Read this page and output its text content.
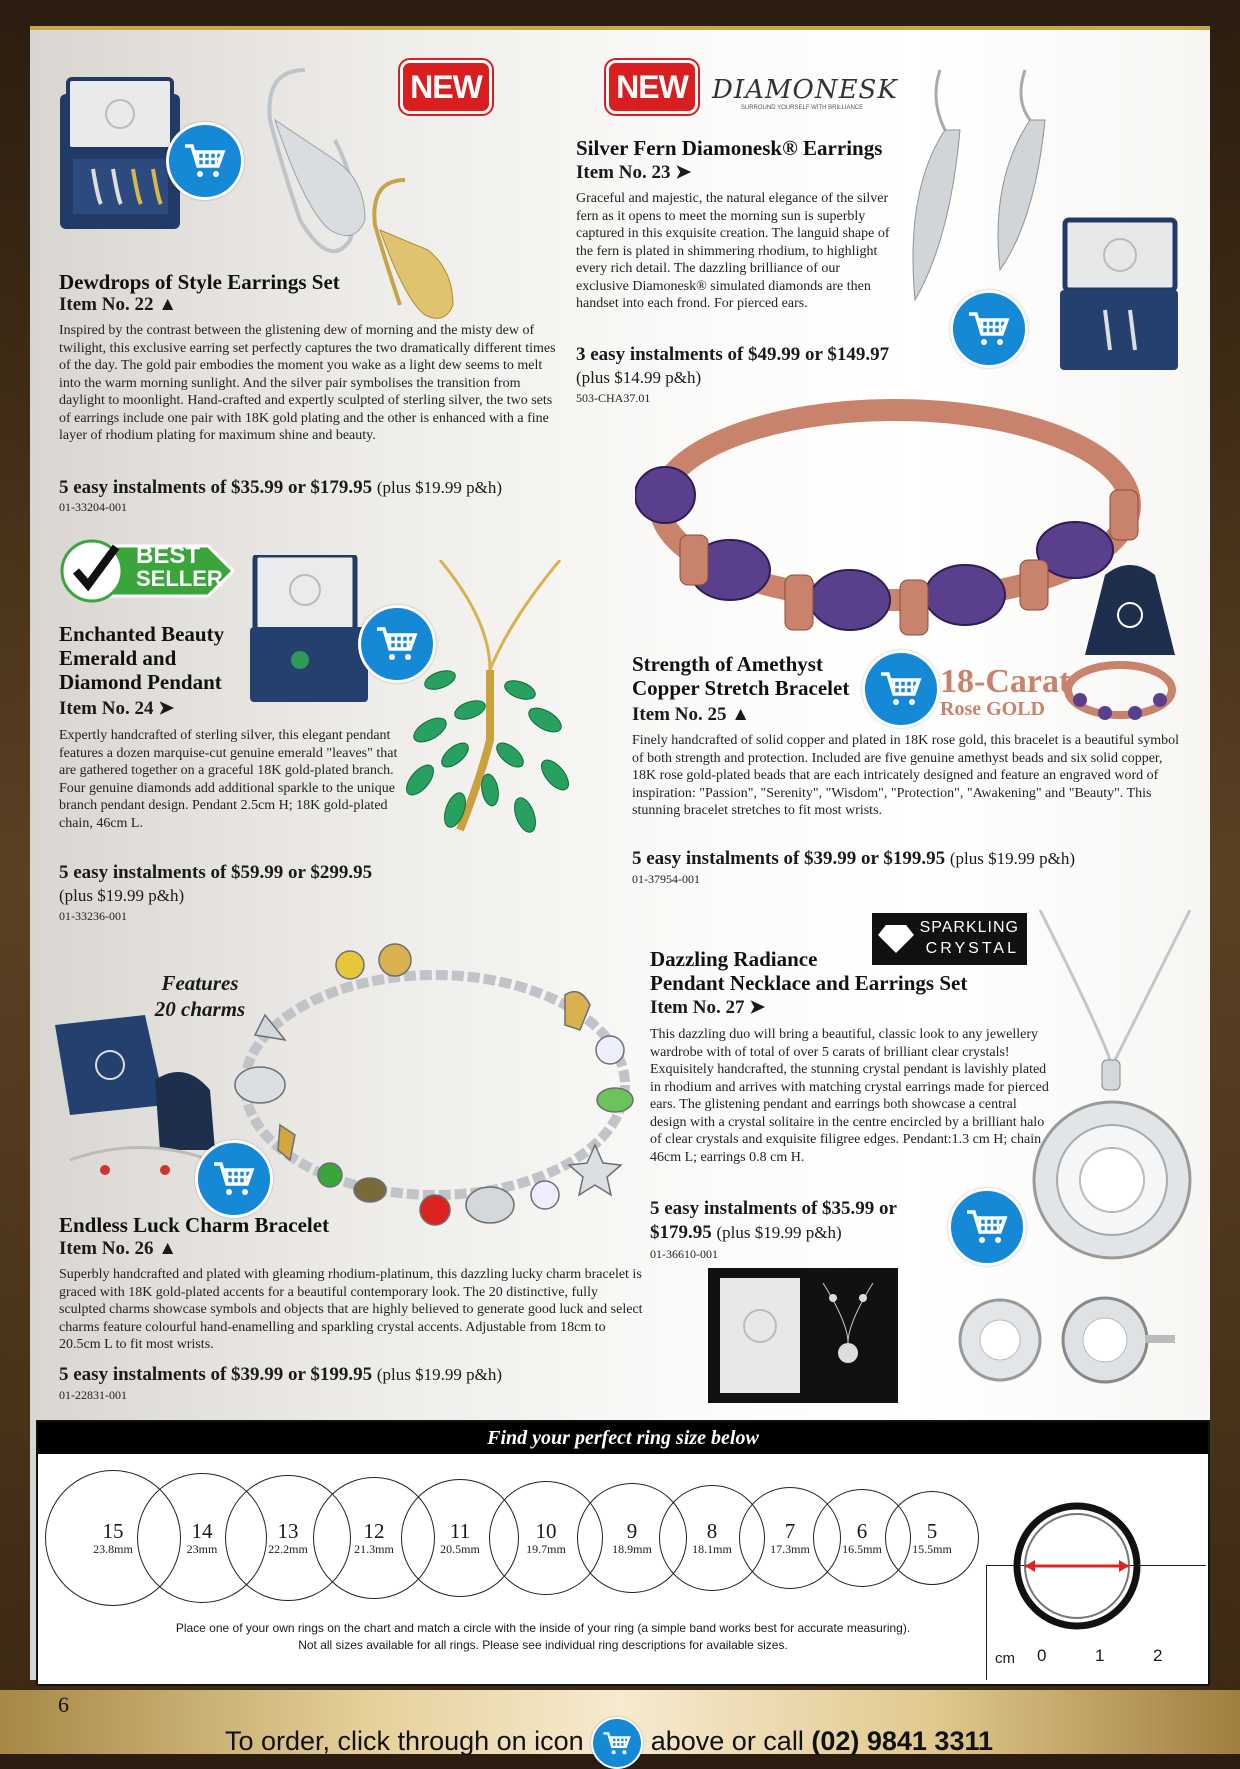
NEW
Dewdrops of Style Earrings Set
Item No. 22 ▲
Inspired by the contrast between the glistening dew of morning and the misty dew of twilight, this exclusive earring set perfectly captures the two dramatically different times of the day. The gold pair embodies the moment you wake as a light dew seems to melt into the warm morning sunlight. And the silver pair symbolises the transition from daylight to moonlight. Hand-crafted and expertly sculpted of sterling silver, the two sets of earrings include one pair with 18K gold plating and the other is enhanced with a fine layer of rhodium plating for maximum shine and beauty.
5 easy instalments of $35.99 or $179.95 (plus $19.99 p&h)
01-33204-001
NEW DIAMONESK
SURROUND YOURSELF WITH BRILLIANCE
Silver Fern Diamonesk® Earrings
Item No. 23 ➤
Graceful and majestic, the natural elegance of the silver fern as it opens to meet the morning sun is superbly captured in this exquisite creation. The languid shape of the fern is plated in shimmering rhodium, to highlight every rich detail. The dazzling brilliance of our exclusive Diamonesk® simulated diamonds are then handset into each frond. For pierced ears.
3 easy instalments of $49.99 or $149.97
(plus $14.99 p&h)
503-CHA37.01
BEST
SELLER
Enchanted Beauty
Emerald and
Diamond Pendant
Item No. 24 ➤
Expertly handcrafted of sterling silver, this elegant pendant features a dozen marquise-cut genuine emerald "leaves" that are gathered together on a graceful 18K gold-plated branch. Four genuine diamonds add additional sparkle to the unique branch pendant design. Pendant 2.5cm H; 18K gold-plated chain, 46cm L.
5 easy instalments of $59.99 or $299.95
(plus $19.99 p&h)
01-33236-001
18-Carat
Rose GOLD
Strength of Amethyst
Copper Stretch Bracelet
Item No. 25 ▲
Finely handcrafted of solid copper and plated in 18K rose gold, this bracelet is a beautiful symbol of both strength and protection. Included are five genuine amethyst beads and six solid copper, 18K rose gold-plated beads that are each intricately designed and feature an engraved word of inspiration: "Passion", "Serenity", "Wisdom", "Protection", "Awakening" and "Beauty". This stunning bracelet stretches to fit most wrists.
5 easy instalments of $39.99 or $199.95 (plus $19.99 p&h)
01-37954-001
Features
20 charms
Endless Luck Charm Bracelet
Item No. 26 ▲
Superbly handcrafted and plated with gleaming rhodium-platinum, this dazzling lucky charm bracelet is graced with 18K gold-plated accents for a beautiful contemporary look. The 20 distinctive, fully sculpted charms showcase symbols and objects that are highly believed to generate good luck and select charms feature colourful hand-enamelling and sparkling crystal accents. Adjustable from 18cm to 20.5cm L to fit most wrists.
5 easy instalments of $39.99 or $199.95 (plus $19.99 p&h)
01-22831-001
SPARKLING
CRYSTAL
Dazzling Radiance
Pendant Necklace and Earrings Set
Item No. 27 ➤
This dazzling duo will bring a beautiful, classic look to any jewellery wardrobe with of total of over 5 carats of brilliant clear crystals! Exquisitely handcrafted, the stunning crystal pendant is lavishly plated in rhodium and arrives with matching crystal earrings made for pierced ears. The glistening pendant and earrings both showcase a central design with a crystal solitaire in the centre encircled by a brilliant halo of clear crystals and exquisite filigree edges. Pendant:1.3 cm H; chain 46cm L; earrings 0.8 cm H.
5 easy instalments of $35.99 or
$179.95 (plus $19.99 p&h)
01-36610-001
Find your perfect ring size below
15
23.8mm
14
23mm
13
22.2mm
12
21.3mm
11
20.5mm
10
19.7mm
9
18.9mm
8
18.1mm
7
17.3mm
6
16.5mm
5
15.5mm
Place one of your own rings on the chart and match a circle with the inside of your ring (a simple band works best for accurate measuring).
Not all sizes available for all rings. Please see individual ring descriptions for available sizes.
cm 0	1	2
6
To order, click through on icon above or call (02) 9841 3311
